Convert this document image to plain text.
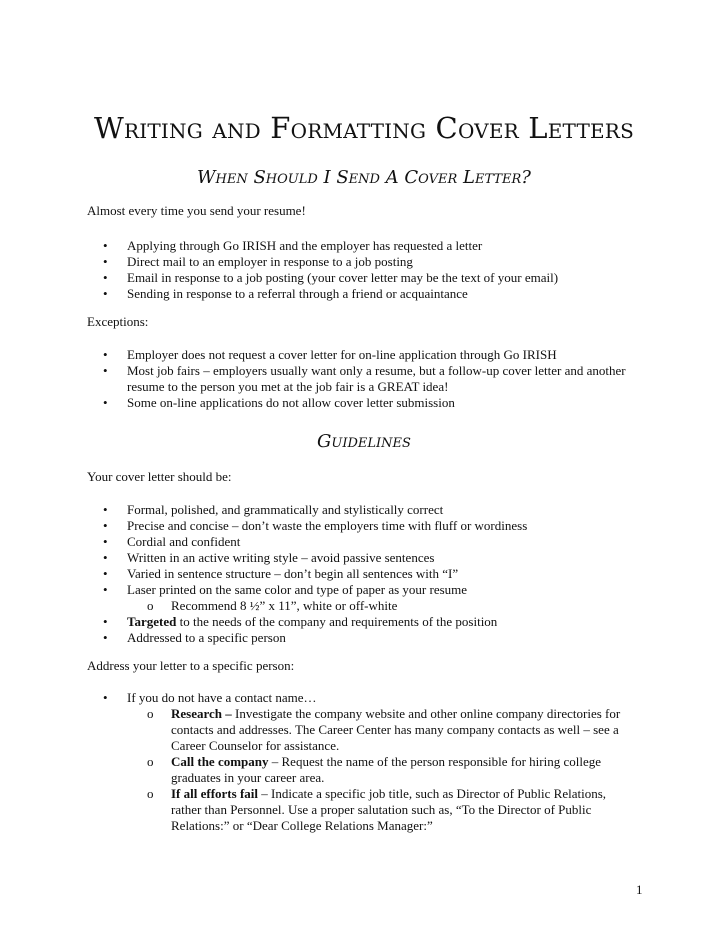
Writing and Formatting Cover Letters
When Should I Send A Cover Letter?
Almost every time you send your resume!
• Applying through Go IRISH and the employer has requested a letter
• Direct mail to an employer in response to a job posting
• Email in response to a job posting (your cover letter may be the text of your email)
• Sending in response to a referral through a friend or acquaintance
Exceptions:
• Employer does not request a cover letter for on-line application through Go IRISH
• Most job fairs – employers usually want only a resume, but a follow-up cover letter and another resume to the person you met at the job fair is a GREAT idea!
• Some on-line applications do not allow cover letter submission
Guidelines
Your cover letter should be:
• Formal, polished, and grammatically and stylistically correct
• Precise and concise – don’t waste the employers time with fluff or wordiness
• Cordial and confident
• Written in an active writing style – avoid passive sentences
• Varied in sentence structure – don’t begin all sentences with “I”
• Laser printed on the same color and type of paper as your resume
o Recommend 8 ½” x 11”, white or off-white
• Targeted to the needs of the company and requirements of the position
• Addressed to a specific person
Address your letter to a specific person:
• If you do not have a contact name…
o Research – Investigate the company website and other online company directories for contacts and addresses. The Career Center has many company contacts as well – see a Career Counselor for assistance.
o Call the company – Request the name of the person responsible for hiring college graduates in your career area.
o If all efforts fail – Indicate a specific job title, such as Director of Public Relations, rather than Personnel. Use a proper salutation such as, “To the Director of Public Relations:” or “Dear College Relations Manager:”
1
